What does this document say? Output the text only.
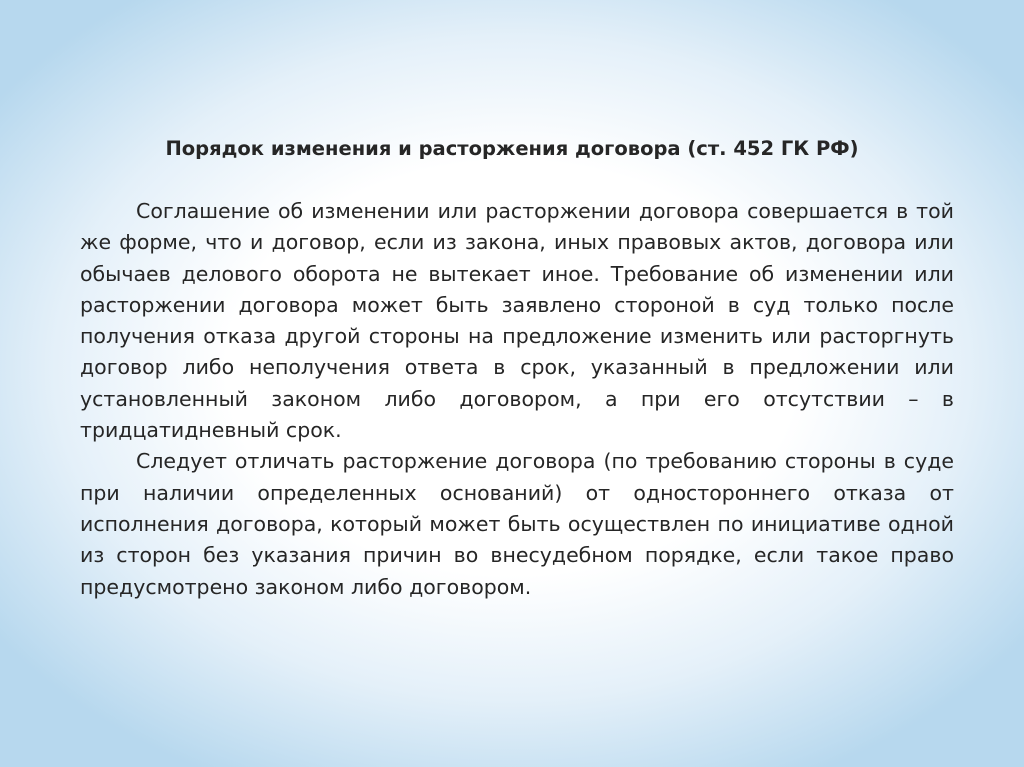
Порядок изменения и расторжения договора (ст. 452 ГК РФ)

Соглашение об изменении или расторжении договора совершается в той же форме, что и договор, если из закона, иных правовых актов, договора или обычаев делового оборота не вытекает иное. Требование об изменении или расторжении договора может быть заявлено стороной в суд только после получения отказа другой стороны на предложение изменить или расторгнуть договор либо неполучения ответа в срок, указанный в предложении или установленный законом либо договором, а при его отсутствии – в тридцатидневный срок.

Следует отличать расторжение договора (по требованию стороны в суде при наличии определенных оснований) от одностороннего отказа от исполнения договора, который может быть осуществлен по инициативе одной из сторон без указания причин во внесудебном порядке, если такое право предусмотрено законом либо договором.
